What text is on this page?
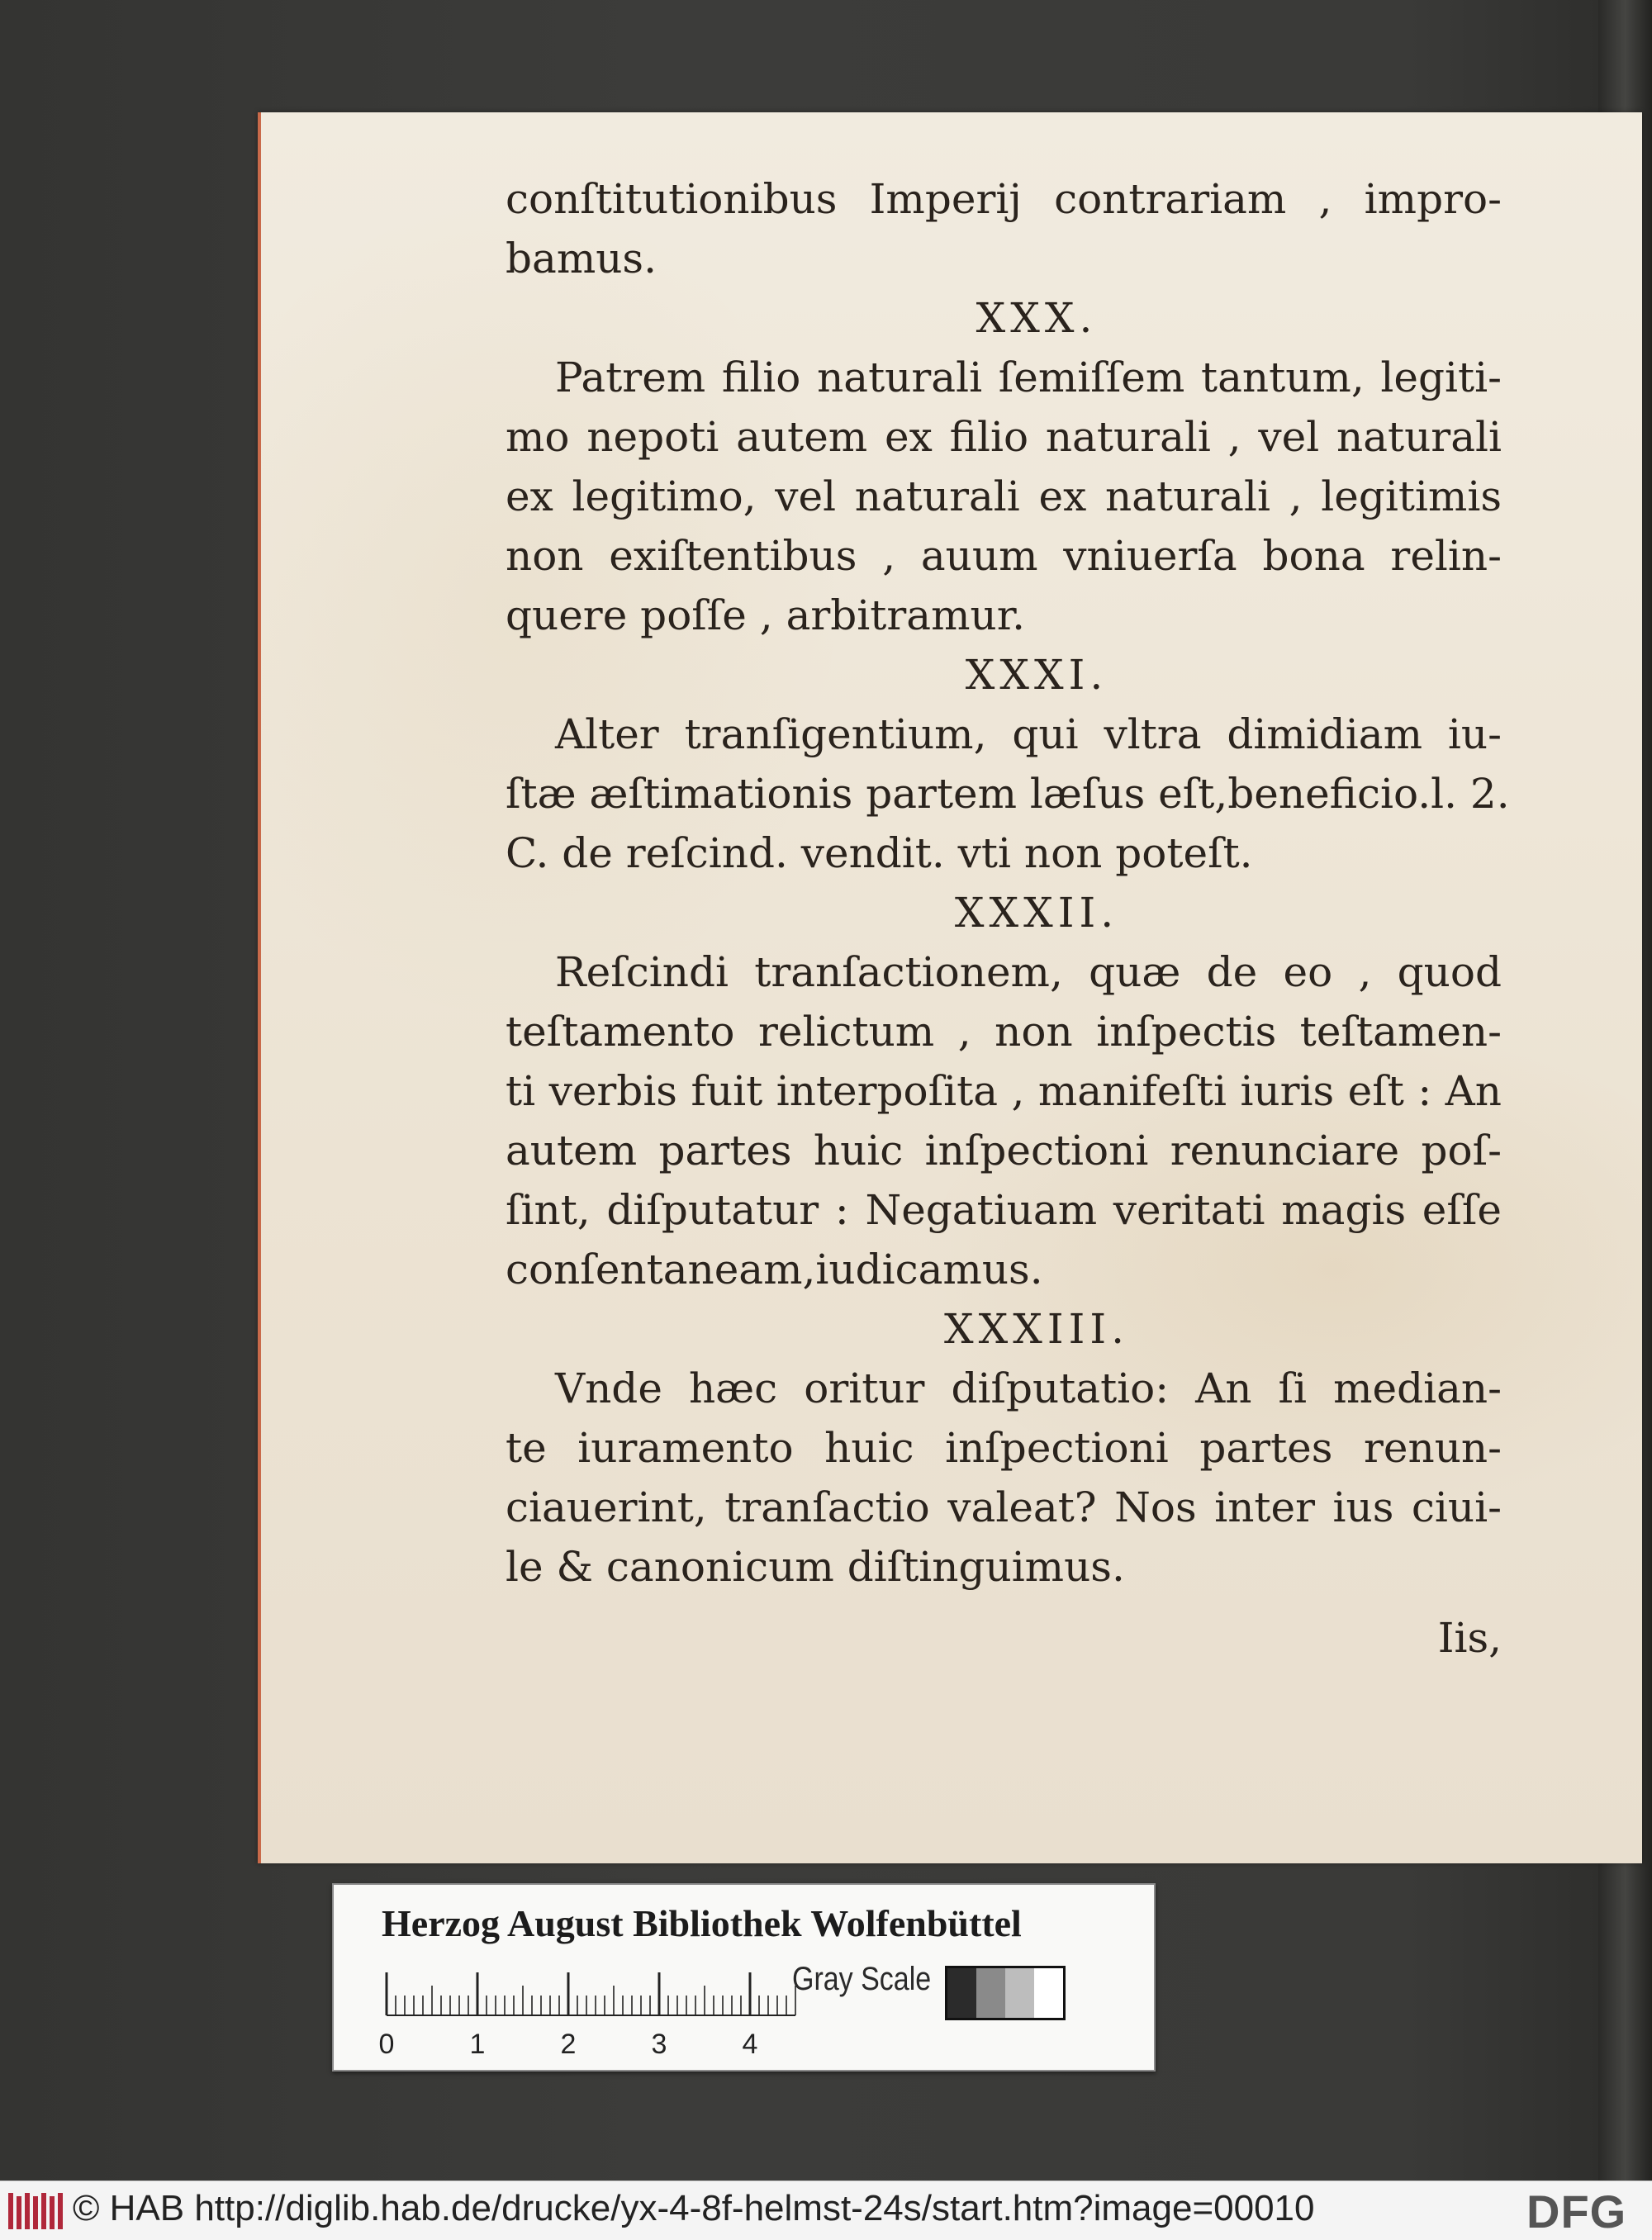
conſtitutionibus Imperij contrariam , impro-
bamus.
XXX.
Patrem filio naturali ſemiſſem tantum, legiti-
mo nepoti autem ex filio naturali , vel naturali
ex legitimo, vel naturali ex naturali , legitimis
non exiſtentibus , auum vniuerſa bona relin-
quere poſſe , arbitramur.
XXXI.
Alter tranſigentium, qui vltra dimidiam iu-
ſtæ æſtimationis partem læſus eſt,beneficio.l. 2.
C. de reſcind. vendit. vti non poteſt.
XXXII.
Reſcindi tranſactionem, quæ de eo , quod
teſtamento relictum , non inſpectis teſtamen-
ti verbis fuit interpoſita , manifeſti iuris eſt : An
autem partes huic inſpectioni renunciare poſ-
ſint, diſputatur : Negatiuam veritati magis eſſe
conſentaneam,iudicamus.
XXXIII.
Vnde hæc oritur diſputatio: An ſi median-
te iuramento huic inſpectioni partes renun-
ciauerint, tranſactio valeat? Nos inter ius ciui-
le & canonicum diſtinguimus.
Iis,
Herzog August Bibliothek Wolfenbüttel
0	1	2	3	4
Gray Scale
© HAB http://diglib.hab.de/drucke/yx-4-8f-helmst-24s/start.htm?image=00010	DFG
